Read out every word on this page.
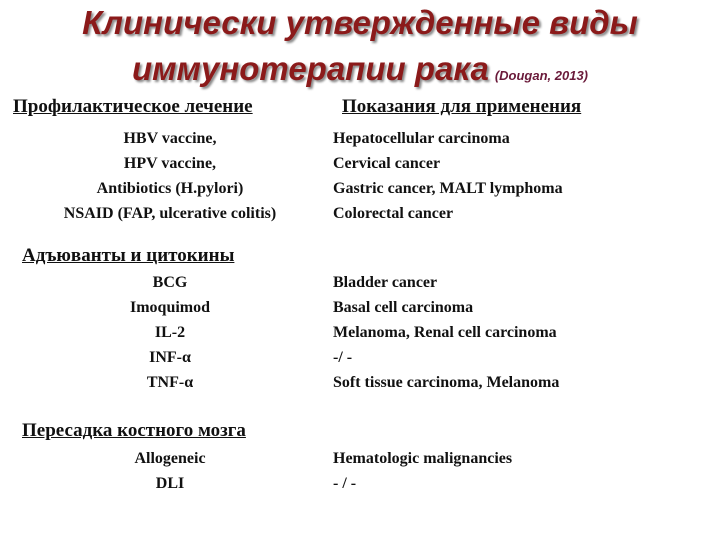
Клинически утвержденные виды
иммунотерапии рака (Dougan, 2013)
Профилактическое лечение	Показания для применения
HBV vaccine,	Hepatocellular carcinoma
HPV vaccine,	Cervical cancer
Antibiotics (H.pylori)	Gastric cancer, MALT lymphoma
NSAID (FAP, ulcerative colitis)	Colorectal cancer
Адъюванты и цитокины
BCG	Bladder cancer
Imoquimod	Basal cell carcinoma
IL-2	Melanoma, Renal cell carcinoma
INF-α	-/ -
TNF-α	Soft tissue carcinoma, Melanoma
Пересадка костного мозга
Allogeneic	Hematologic malignancies
DLI	- / -
